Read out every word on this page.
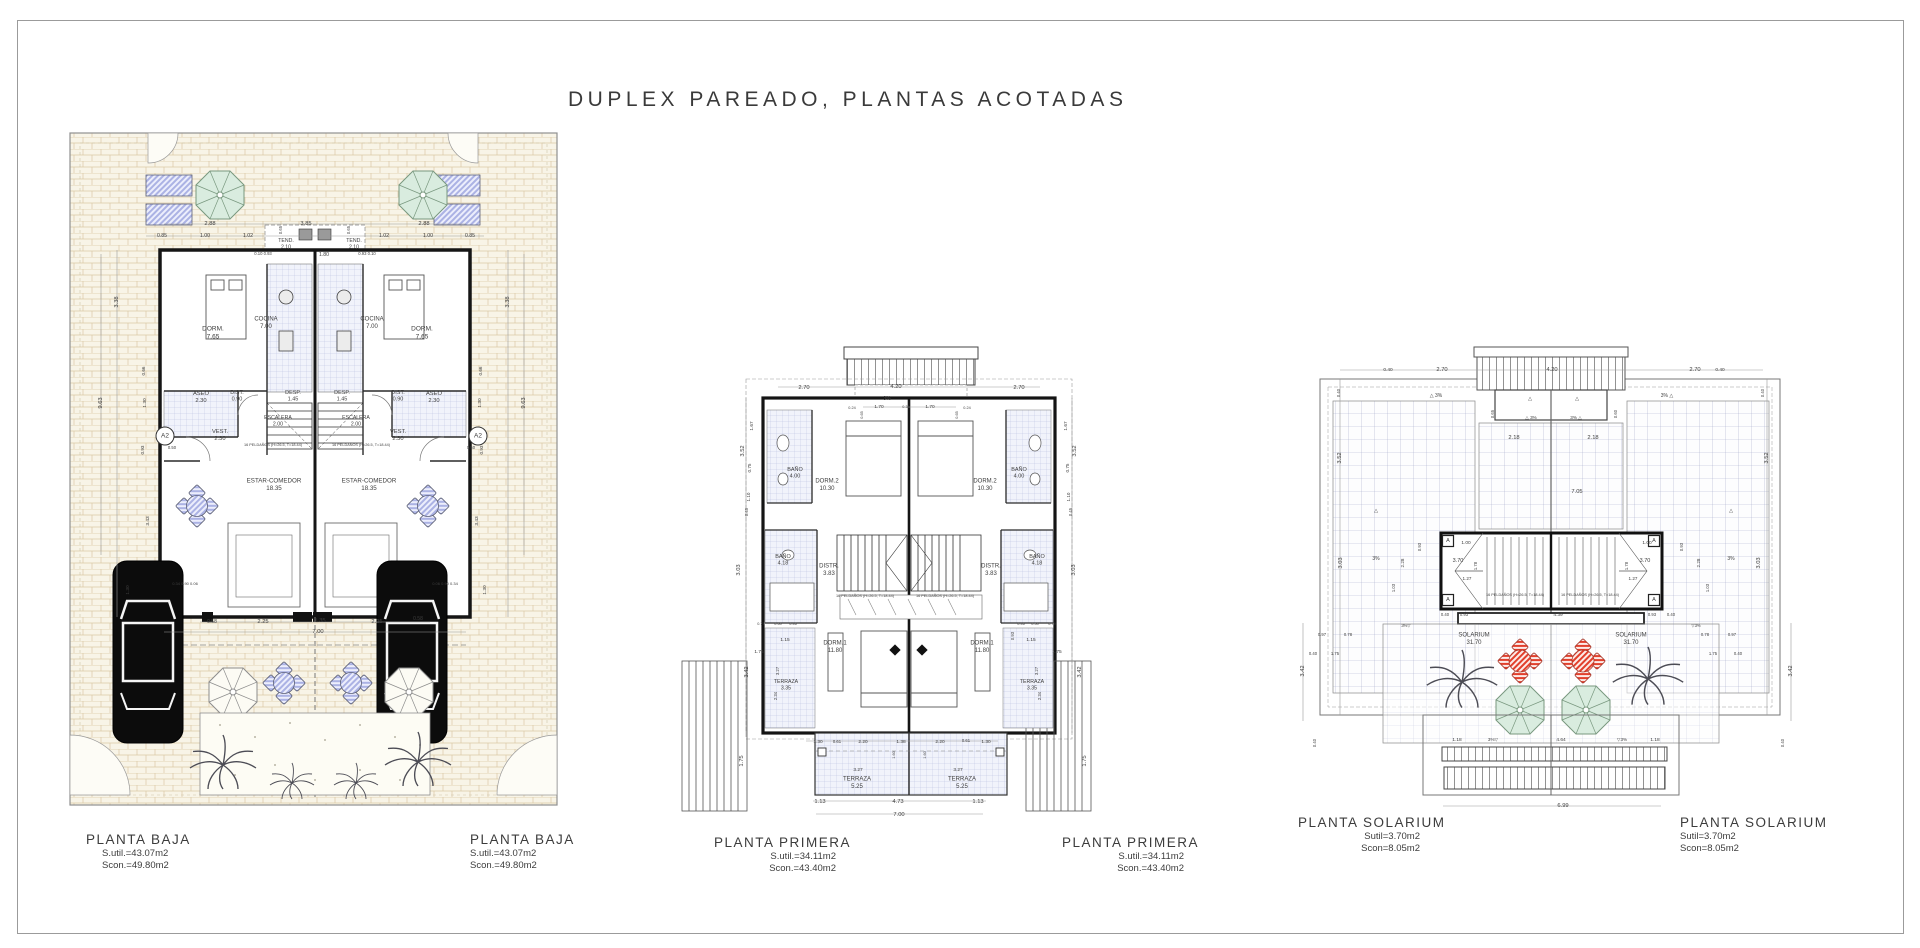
DUPLEX PAREADO, PLANTAS ACOTADAS
DORM.
7.65
DORM.
7.65
COCINA
7.00
COCINA
7.00
TEND.
2.10
TEND.
2.10
ASEO
2.30
ASEO
2.30
DIST.
0.90
DIST.
0.90
DESP.
1.45
DESP.
1.45
ESCALERA
2.00
ESCALERA
2.00
16 PELDAÑOS (H=26.5, T=18.44)	16 PELDAÑOS (H=26.5, T=18.44)
VEST.
2.30
VEST.
2.30
A2	A2
0.50	0.50
ESTAR-COMEDOR
18.35
ESTAR-COMEDOR
18.35
2.88	3.85	2.88
0.85	1.00	1.02	1.02	1.00	0.85
0.65	0.65
0.10 0.93	1.80	0.93 0.10
3.38	3.38
9.63	9.63
0.66	0.66
1.30	1.30
0.93	0.93
3.43	3.43
1.30	1.30
0.34 0.90 0.06	0.06 0.90 0.34
0.58	2.25	1.35	2.25	0.58
7.00
BAÑO
4.00
BAÑO
4.00
DORM.2
10.30
DORM.2
10.30
BAÑO
4.18
BAÑO
4.18
DISTR.
3.83
DISTR.
3.83
16 PELDAÑOS (H=26.5, T=18.44) 16 PELDAÑOS (H=26.5, T=18.44)
DORM.1
11.80
DORM.1
11.80
TERRAZA
3.35
TERRAZA
3.35
TERRAZA
5.25
TERRAZA
5.25
2.70	4.20	2.70
3%
0.24 1.70 0.31 1.70	0.24
0.65	0.65
1.67	1.67
3.52	3.52
0.75	0.75
1.10	1.10
0.45	0.45
3.03	3.03
0.79 0.60 0.46	0.46 0.50 0.79
1.15	1.15
1.75	1.75
0.93
3.27	3.27
2.34	2.34
3.42	3.42
1.75	1.75
1.30 0.61 2.20	1.38	2.20 0.61 1.30
1.60	1.60
3.27	3.27
1.13	4.73	1.13
7.00
SOLARIUM
31.70
SOLARIUM
31.70
16 PELDAÑOS (H=26.5, T=18.44) 16 PELDAÑOS (H=26.5, T=18.44)
A	A
A	A
0.40	2.70	4.20	2.70 0.40
0.40	0.40
△ 3%	3% △
△	△
△ 3%	3% △
0.65	0.60
2.18	2.18
3.52	3.52
7.05
△	△
3%	3%
3.03	3.03
1.00	1.00
3.70	3.70
1.78	1.78
2.28	2.28
0.93	0.93
1.27	1.27
1.03	1.03
0.40 0.93	4.39	0.93 0.40
3%▽	▽3%
0.97 0.78	0.78 0.97
0.40 1.75	1.75 0.40
3.42	3.42
0.40	0.40
1.18	3%▽	4.64	▽3% 1.18
6.99
PLANTA BAJA
S.util.=43.07m2
Scon.=49.80m2
PLANTA BAJA
S.util.=43.07m2
Scon.=49.80m2
PLANTA PRIMERA
S.util.=34.11m2
Scon.=43.40m2
PLANTA PRIMERA
S.util.=34.11m2
Scon.=43.40m2
PLANTA SOLARIUM
Sutil=3.70m2
Scon=8.05m2
PLANTA SOLARIUM
Sutil=3.70m2
Scon=8.05m2
